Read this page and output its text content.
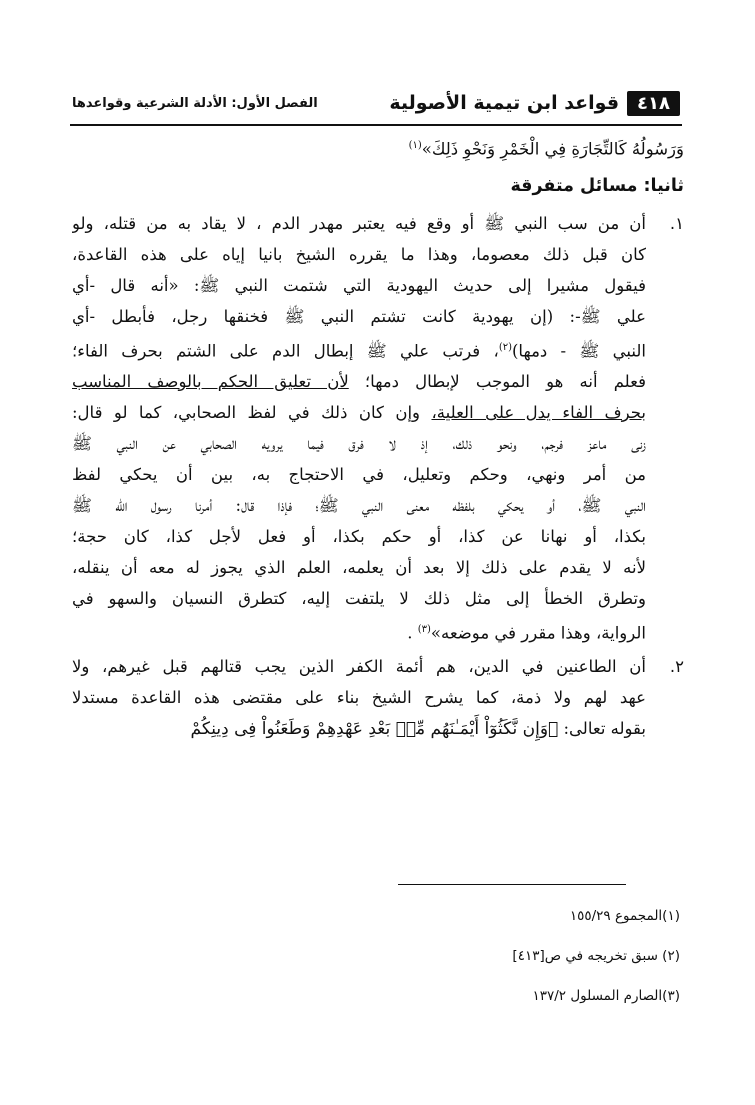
٤١٨
قواعد ابن تيمية الأصولية
الفصل الأول: الأدلة الشرعية وقواعدها

وَرَسُولُهُ كَالتِّجَارَةِ فِي الْخَمْرِ وَنَحْوِ ذَلِكَ»$^{(١)}$

ثانيا: مسائل متفرقة

١.

أن من سب النبي ﷺ أو وقع فيه يعتبر مهدر الدم ، لا يقاد به من قتله، ولو

كان قبل ذلك معصوما، وهذا ما يقرره الشيخ بانيا إياه على هذه القاعدة،

فيقول مشيرا إلى حديث اليهودية التي شتمت النبي ﷺ: «أنه قال -أي

علي ﷺ-: (إن يهودية كانت تشتم النبي ﷺ فخنقها رجل، فأبطل -أي

النبي ﷺ - دمها)$^{(٢)}$، فرتب علي ﷺ إبطال الدم على الشتم بحرف الفاء؛

فعلم أنه هو الموجب لإبطال دمها؛ لأن تعليق الحكم بالوصف المناسب

بحرف الفاء يدل على العلية، وإن كان ذلك في لفظ الصحابي، كما لو قال:

زنى ماعز فرجم، ونحو ذلك، إذ لا فرق فيما يرويه الصحابي عن النبي ﷺ

من أمر ونهي، وحكم وتعليل، في الاحتجاج به، بين أن يحكي لفظ

النبي ﷺ، أو يحكي بلفظه معنى النبي ﷺ؛ فإذا قال: أمرنا رسول الله ﷺ

بكذا، أو نهانا عن كذا، أو حكم بكذا، أو فعل لأجل كذا، كان حجة؛

لأنه لا يقدم على ذلك إلا بعد أن يعلمه، العلم الذي يجوز له معه أن ينقله،

وتطرق الخطأ إلى مثل ذلك لا يلتفت إليه، كتطرق النسيان والسهو في

الرواية، وهذا مقرر في موضعه»$^{(٣)}$ .

٢.

أن الطاعنين في الدين، هم أئمة الكفر الذين يجب قتالهم قبل غيرهم، ولا

عهد لهم ولا ذمة، كما يشرح الشيخ بناء على مقتضى هذه القاعدة مستدلا

بقوله تعالى: ﴿وَإِن نَّكَثُوٓاْ أَيْمَـٰنَهُم مِّنۢ بَعْدِ عَهْدِهِمْ وَطَعَنُواْ فِى دِينِكُمْ

(١)المجموع ١٥٥/٢٩

(٢) سبق تخريجه في ص[٤١٣]

(٣)الصارم المسلول ١٣٧/٢
